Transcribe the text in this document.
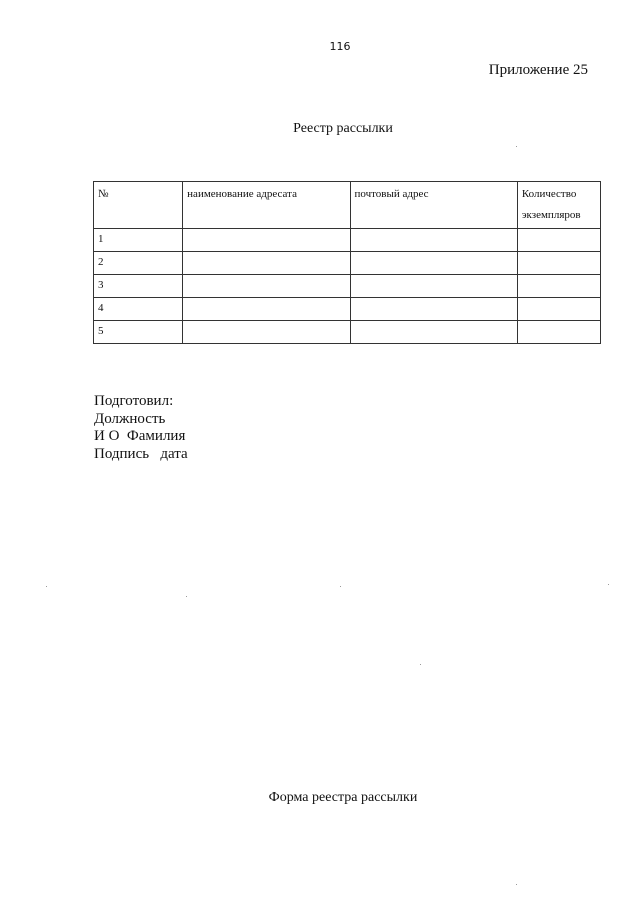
116
Приложение 25
Реестр рассылки
№	наименование адресата	почтовый адрес	Количество экземпляров
1			
2			
3			
4			
5			
Подготовил:
Должность
И О  Фамилия
Подпись   дата
Форма реестра рассылки
